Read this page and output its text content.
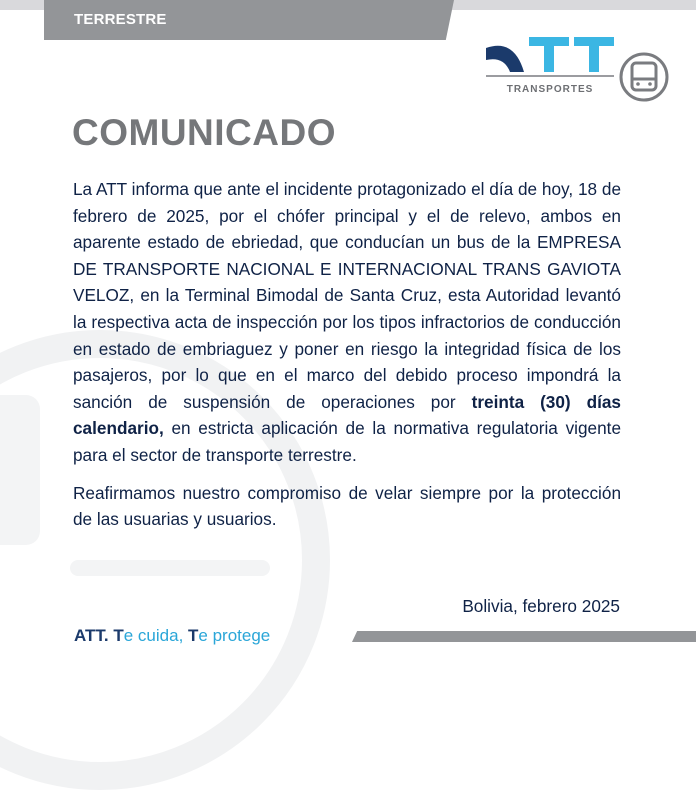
TERRESTRE
TRANSPORTES
COMUNICADO

La ATT informa que ante el incidente protagonizado el día de hoy, 18 de febrero de 2025, por el chófer principal y el de relevo, ambos en aparente estado de ebriedad, que conducían un bus de la EMPRESA DE TRANSPORTE NACIONAL E INTERNACIONAL TRANS GAVIOTA VELOZ, en la Terminal Bimodal de Santa Cruz, esta Autoridad levantó la respectiva acta de inspección por los tipos infractorios de conducción en estado de embriaguez y poner en riesgo la integridad física de los pasajeros, por lo que en el marco del debido proceso impondrá la sanción de suspensión de operaciones por treinta (30) días calendario, en estricta aplicación de la normativa regulatoria vigente para el sector de transporte terrestre.

Reafirmamos nuestro compromiso de velar siempre por la protección de las usuarias y usuarios.

Bolivia, febrero 2025
ATT. Te cuida, Te protege
